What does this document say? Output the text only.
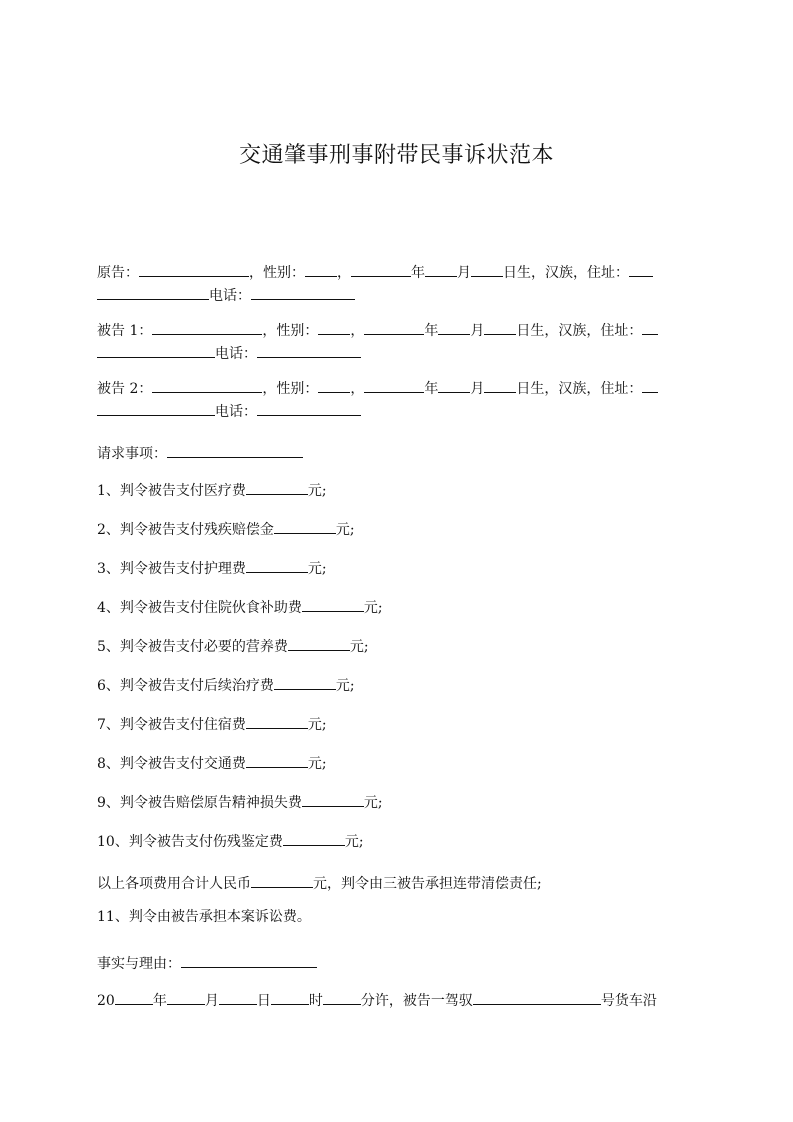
交通肇事刑事附带民事诉状范本
原告：	，性别： ，	年 月 日生，汉族，住址：
电话：
被告 1：	，性别： ，	年 月 日生，汉族，住址：
电话：
被告 2：	，性别： ，	年 月 日生，汉族，住址：
电话：
请求事项：
1、判令被告支付医疗费	元;
2、判令被告支付残疾赔偿金	元;
3、判令被告支付护理费	元;
4、判令被告支付住院伙食补助费	元;
5、判令被告支付必要的营养费	元;
6、判令被告支付后续治疗费	元;
7、判令被告支付住宿费	元;
8、判令被告支付交通费	元;
9、判令被告赔偿原告精神损失费	元;
10、判令被告支付伤残鉴定费	元;
以上各项费用合计人民币	元，判令由三被告承担连带清偿责任;
11、判令由被告承担本案诉讼费。
事实与理由：
20	年	月	日	时	分许，被告一驾驭	号货车沿
